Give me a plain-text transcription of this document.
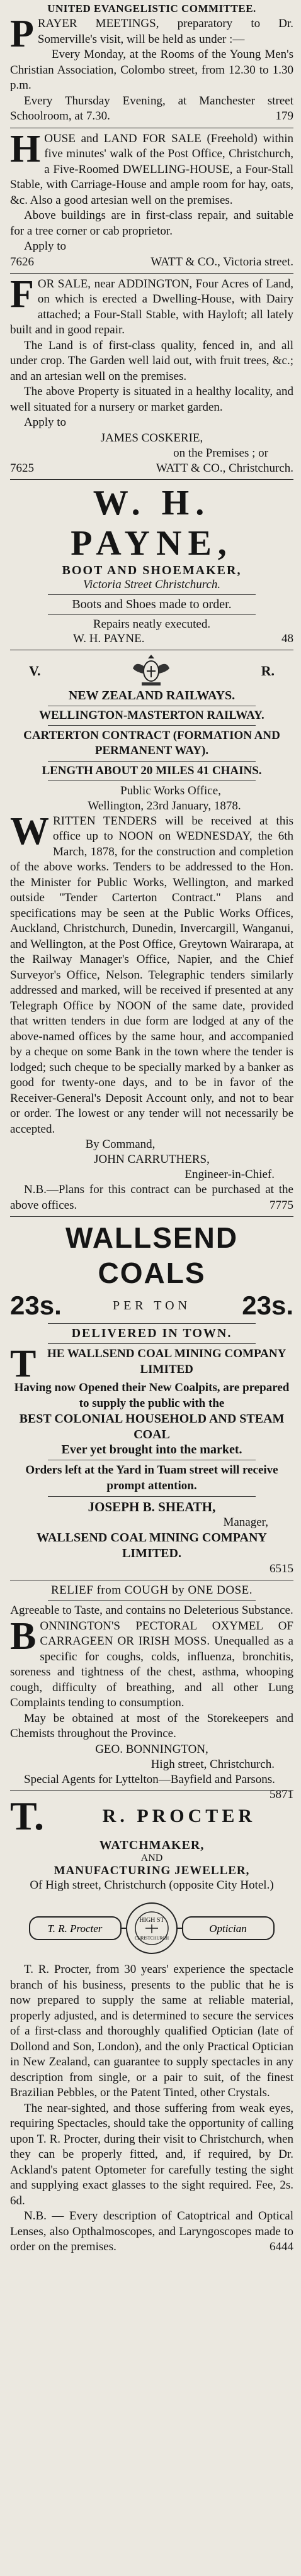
UNITED EVANGELISTIC COMMITTEE.

P RAYER MEETINGS, preparatory to Dr. Somerville's visit, will be held as under :—

Every Monday, at the Rooms of the Young Men's Christian Association, Colombo street, from 12.30 to 1.30 p.m.

Every Thursday Evening, at Manchester street Schoolroom, at 7.30.	179

H OUSE and LAND FOR SALE (Freehold) within five minutes' walk of the Post Office, Christchurch, a Five-Roomed DWELLING-HOUSE, a Four-Stall Stable, with Carriage-House and ample room for hay, oats, &c. Also a good artesian well on the premises.

Above buildings are in first-class repair, and suitable for a tree corner or cab proprietor.

Apply to

7626	WATT & CO., Victoria street.
F OR SALE, near ADDINGTON, Four Acres of Land, on which is erected a Dwelling-House, with Dairy attached; a Four-Stall Stable, with Hayloft; all lately built and in good repair.

The Land is of first-class quality, fenced in, and all under crop. The Garden well laid out, with fruit trees, &c.; and an artesian well on the premises.

The above Property is situated in a healthy locality, and well situated for a nursery or market garden.

Apply to

JAMES COSKERIE,

on the Premises ; or

7625	WATT & CO., Christchurch.

W. H. PAYNE,

BOOT AND SHOEMAKER,

Victoria Street Christchurch.

Boots and Shoes made to order.

Repairs neatly executed.

W. H. PAYNE.	48
V.	R.

NEW ZEALAND RAILWAYS.

WELLINGTON-MASTERTON RAILWAY.

CARTERTON CONTRACT (FORMATION AND PERMANENT WAY).

LENGTH ABOUT 20 MILES 41 CHAINS.

Public Works Office,

Wellington, 23rd January, 1878.

W RITTEN TENDERS will be received at this office up to NOON on WEDNESDAY, the 6th March, 1878, for the construction and completion of the above works. Tenders to be addressed to the Hon. the Minister for Public Works, Wellington, and marked outside "Tender Carterton Contract." Plans and specifications may be seen at the Public Works Offices, Auckland, Christchurch, Dunedin, Invercargill, Wanganui, and Wellington, at the Post Office, Greytown Wairarapa, at the Railway Manager's Office, Napier, and the Chief Surveyor's Office, Nelson. Telegraphic tenders similarly addressed and marked, will be received if presented at any Telegraph Office by NOON of the same date, provided that written tenders in due form are lodged at any of the above-named offices by the same hour, and accompanied by a cheque on some Bank in the town where the tender is lodged; such cheque to be specially marked by a banker as good for twenty-one days, and to be in favor of the Receiver-General's Deposit Account only, and not to bear or order. The lowest or any tender will not necessarily be accepted.

By Command,

JOHN CARRUTHERS,

Engineer-in-Chief.

N.B.—Plans for this contract can be purchased at the above offices.	7775

WALLSEND COALS
23s.	PER TON 23s.

DELIVERED IN TOWN.

T HE WALLSEND COAL MINING COMPANY LIMITED

Having now Opened their New Coalpits, are prepared to supply the public with the

BEST COLONIAL HOUSEHOLD AND STEAM COAL

Ever yet brought into the market.

Orders left at the Yard in Tuam street will receive prompt attention.

JOSEPH B. SHEATH,

Manager,

WALLSEND COAL MINING COMPANY LIMITED.

6515

RELIEF from COUGH by ONE DOSE.

Agreeable to Taste, and contains no Deleterious Substance.

B ONNINGTON'S PECTORAL OXYMEL OF CARRAGEEN OR IRISH MOSS. Unequalled as a specific for coughs, colds, influenza, bronchitis, soreness and tightness of the chest, asthma, whooping cough, difficulty of breathing, and all other Lung Complaints tending to consumption.

May be obtained at most of the Storekeepers and Chemists throughout the Province.

GEO. BONNINGTON,

High street, Christchurch.

Special Agents for Lyttelton—Bayfield and Parsons.
5871

T.	R. PROCTER

WATCHMAKER,

AND

MANUFACTURING JEWELLER,

Of High street, Christchurch (opposite City Hotel.)

T. R. Procter	Optician
HIGH ST
CHRISTCHURCH

T. R. Procter, from 30 years' experience the spectacle branch of his business, presents to the public that he is now prepared to supply the same at reliable material, properly adjusted, and is determined to secure the services of a first-class and thoroughly qualified Optician (late of Dollond and Son, London), and the only Practical Optician in New Zealand, can guarantee to supply spectacles in any description from single, or a pair to suit, of the finest Brazilian Pebbles, or the Patent Tinted, other Crystals.

The near-sighted, and those suffering from weak eyes, requiring Spectacles, should take the opportunity of calling upon T. R. Procter, during their visit to Christchurch, when they can be properly fitted, and, if required, by Dr. Ackland's patent Optometer for carefully testing the sight and supplying exact glasses to the sight required. Fee, 2s. 6d.

N.B. — Every description of Catoptrical and Optical Lenses, also Opthalmoscopes, and Laryngoscopes made to order on the premises.	6444
